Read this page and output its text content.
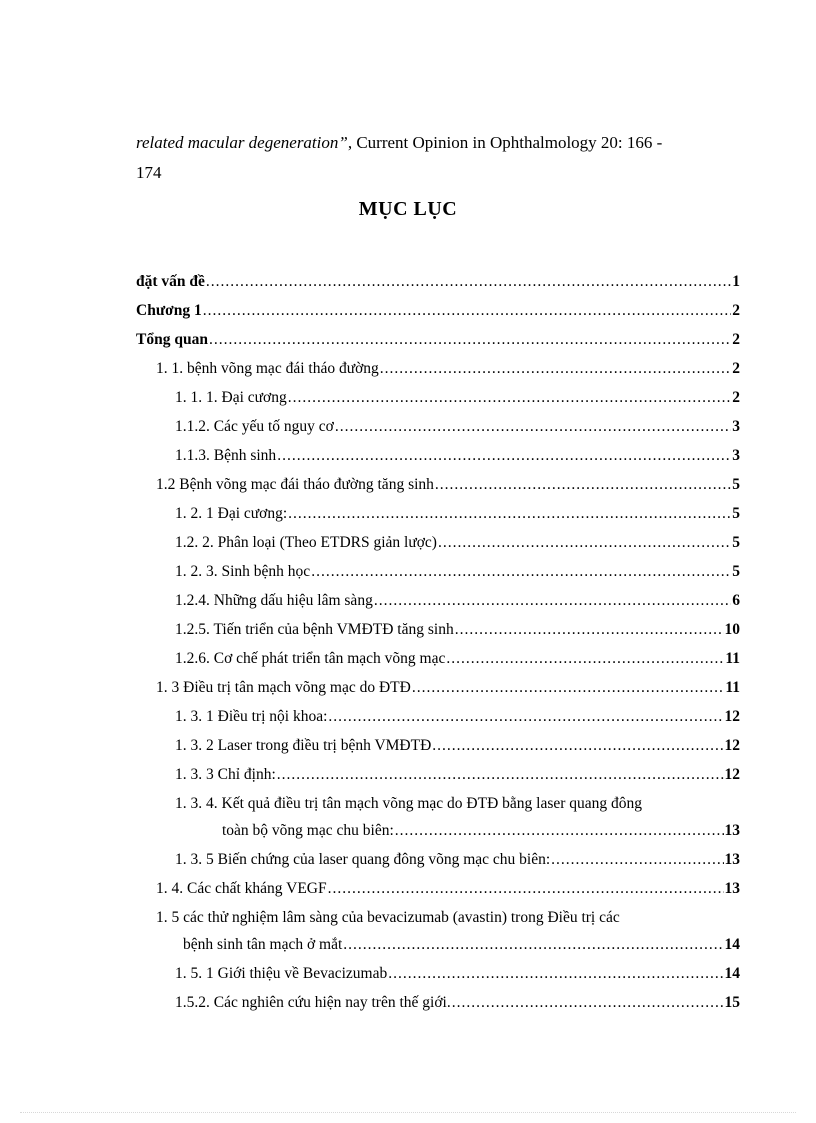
related macular degeneration”, Current Opinion in Ophthalmology 20: 166 -
174
MỤC LỤC
đặt vấn đề .....	1
Chương 1 .....	2
Tổng quan .....	2
1. 1. bệnh võng mạc đái tháo đường .....	2
1. 1. 1. Đại cương .....	2
1.1.2. Các yếu tố nguy cơ .....	3
1.1.3. Bệnh sinh .....	3
1.2 Bệnh võng mạc đái tháo đường tăng sinh .....	5
1. 2. 1 Đại cương: .....	5
1.2. 2. Phân loại (Theo ETDRS giản lược) .....	5
1. 2. 3. Sinh bệnh học .....	5
1.2.4. Những dấu hiệu lâm sàng .....	6
1.2.5. Tiến triển của bệnh VMĐTĐ tăng sinh .....	10
1.2.6. Cơ chế phát triển tân mạch võng mạc .....	11
1. 3 Điều trị tân mạch võng mạc do ĐTĐ .....	11
1. 3. 1 Điều trị nội khoa: .....	12
1. 3. 2 Laser trong điều trị bệnh VMĐTĐ .....	12
1. 3. 3 Chỉ định: .....	12
1. 3. 4. Kết quả điều trị tân mạch võng mạc do ĐTĐ bằng laser quang đông
toàn bộ võng mạc chu biên: .....	13
1. 3. 5 Biến chứng của laser quang đông võng mạc chu biên: .....	13
1. 4. Các chất kháng VEGF .....	13
1. 5 các thử nghiệm lâm sàng của bevacizumab (avastin) trong Điều trị các
bệnh sinh tân mạch ở mắt .....	14
1. 5. 1 Giới thiệu về Bevacizumab .....	14
1.5.2. Các nghiên cứu hiện nay trên thế giới. .....	15
